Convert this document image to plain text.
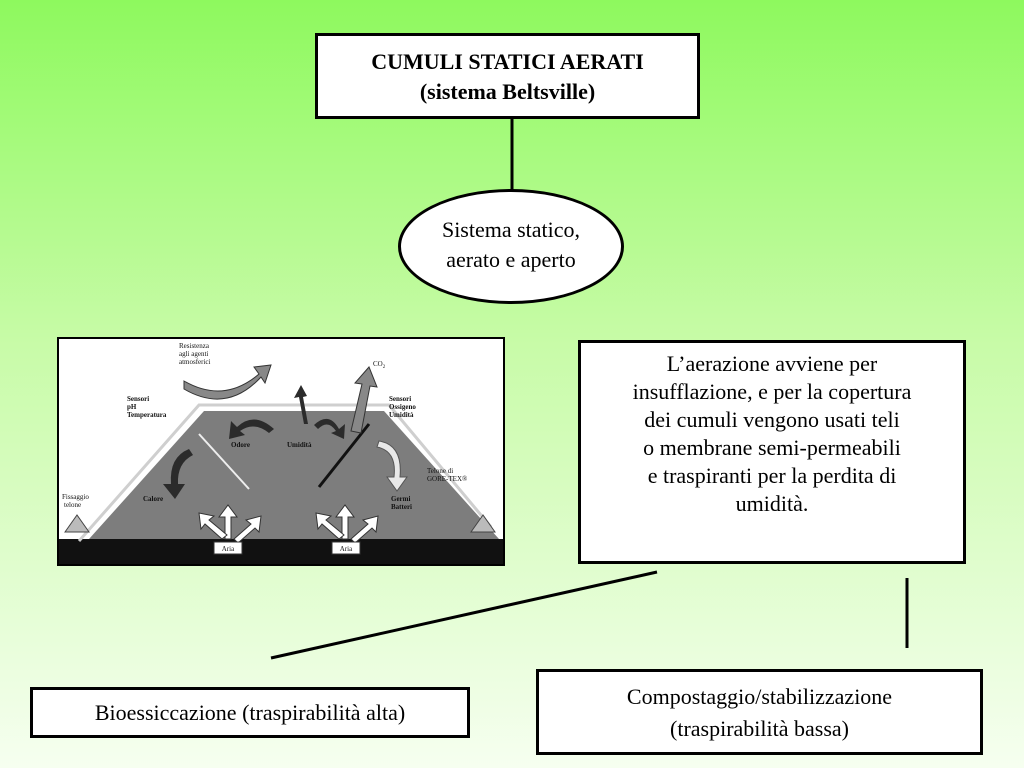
CUMULI STATICI AERATI
(sistema Beltsville)
Sistema statico,
aerato e aperto
Aria	Aria
Resistenza
agli agenti
atmosferici	$CO_2$
Sensori
pH
Temperatura
Sensori
Ossigeno
Umidità
Odore	Umidità
Calore	Germi
Batteri
Telone di
GORE-TEX®
Fissaggio
telone
L’aerazione avviene per
insufflazione, e per la copertura
dei cumuli vengono usati teli
o membrane semi-permeabili
e traspiranti per la perdita di
umidità.
Bioessiccazione (traspirabilità alta)
Compostaggio/stabilizzazione
(traspirabilità bassa)
